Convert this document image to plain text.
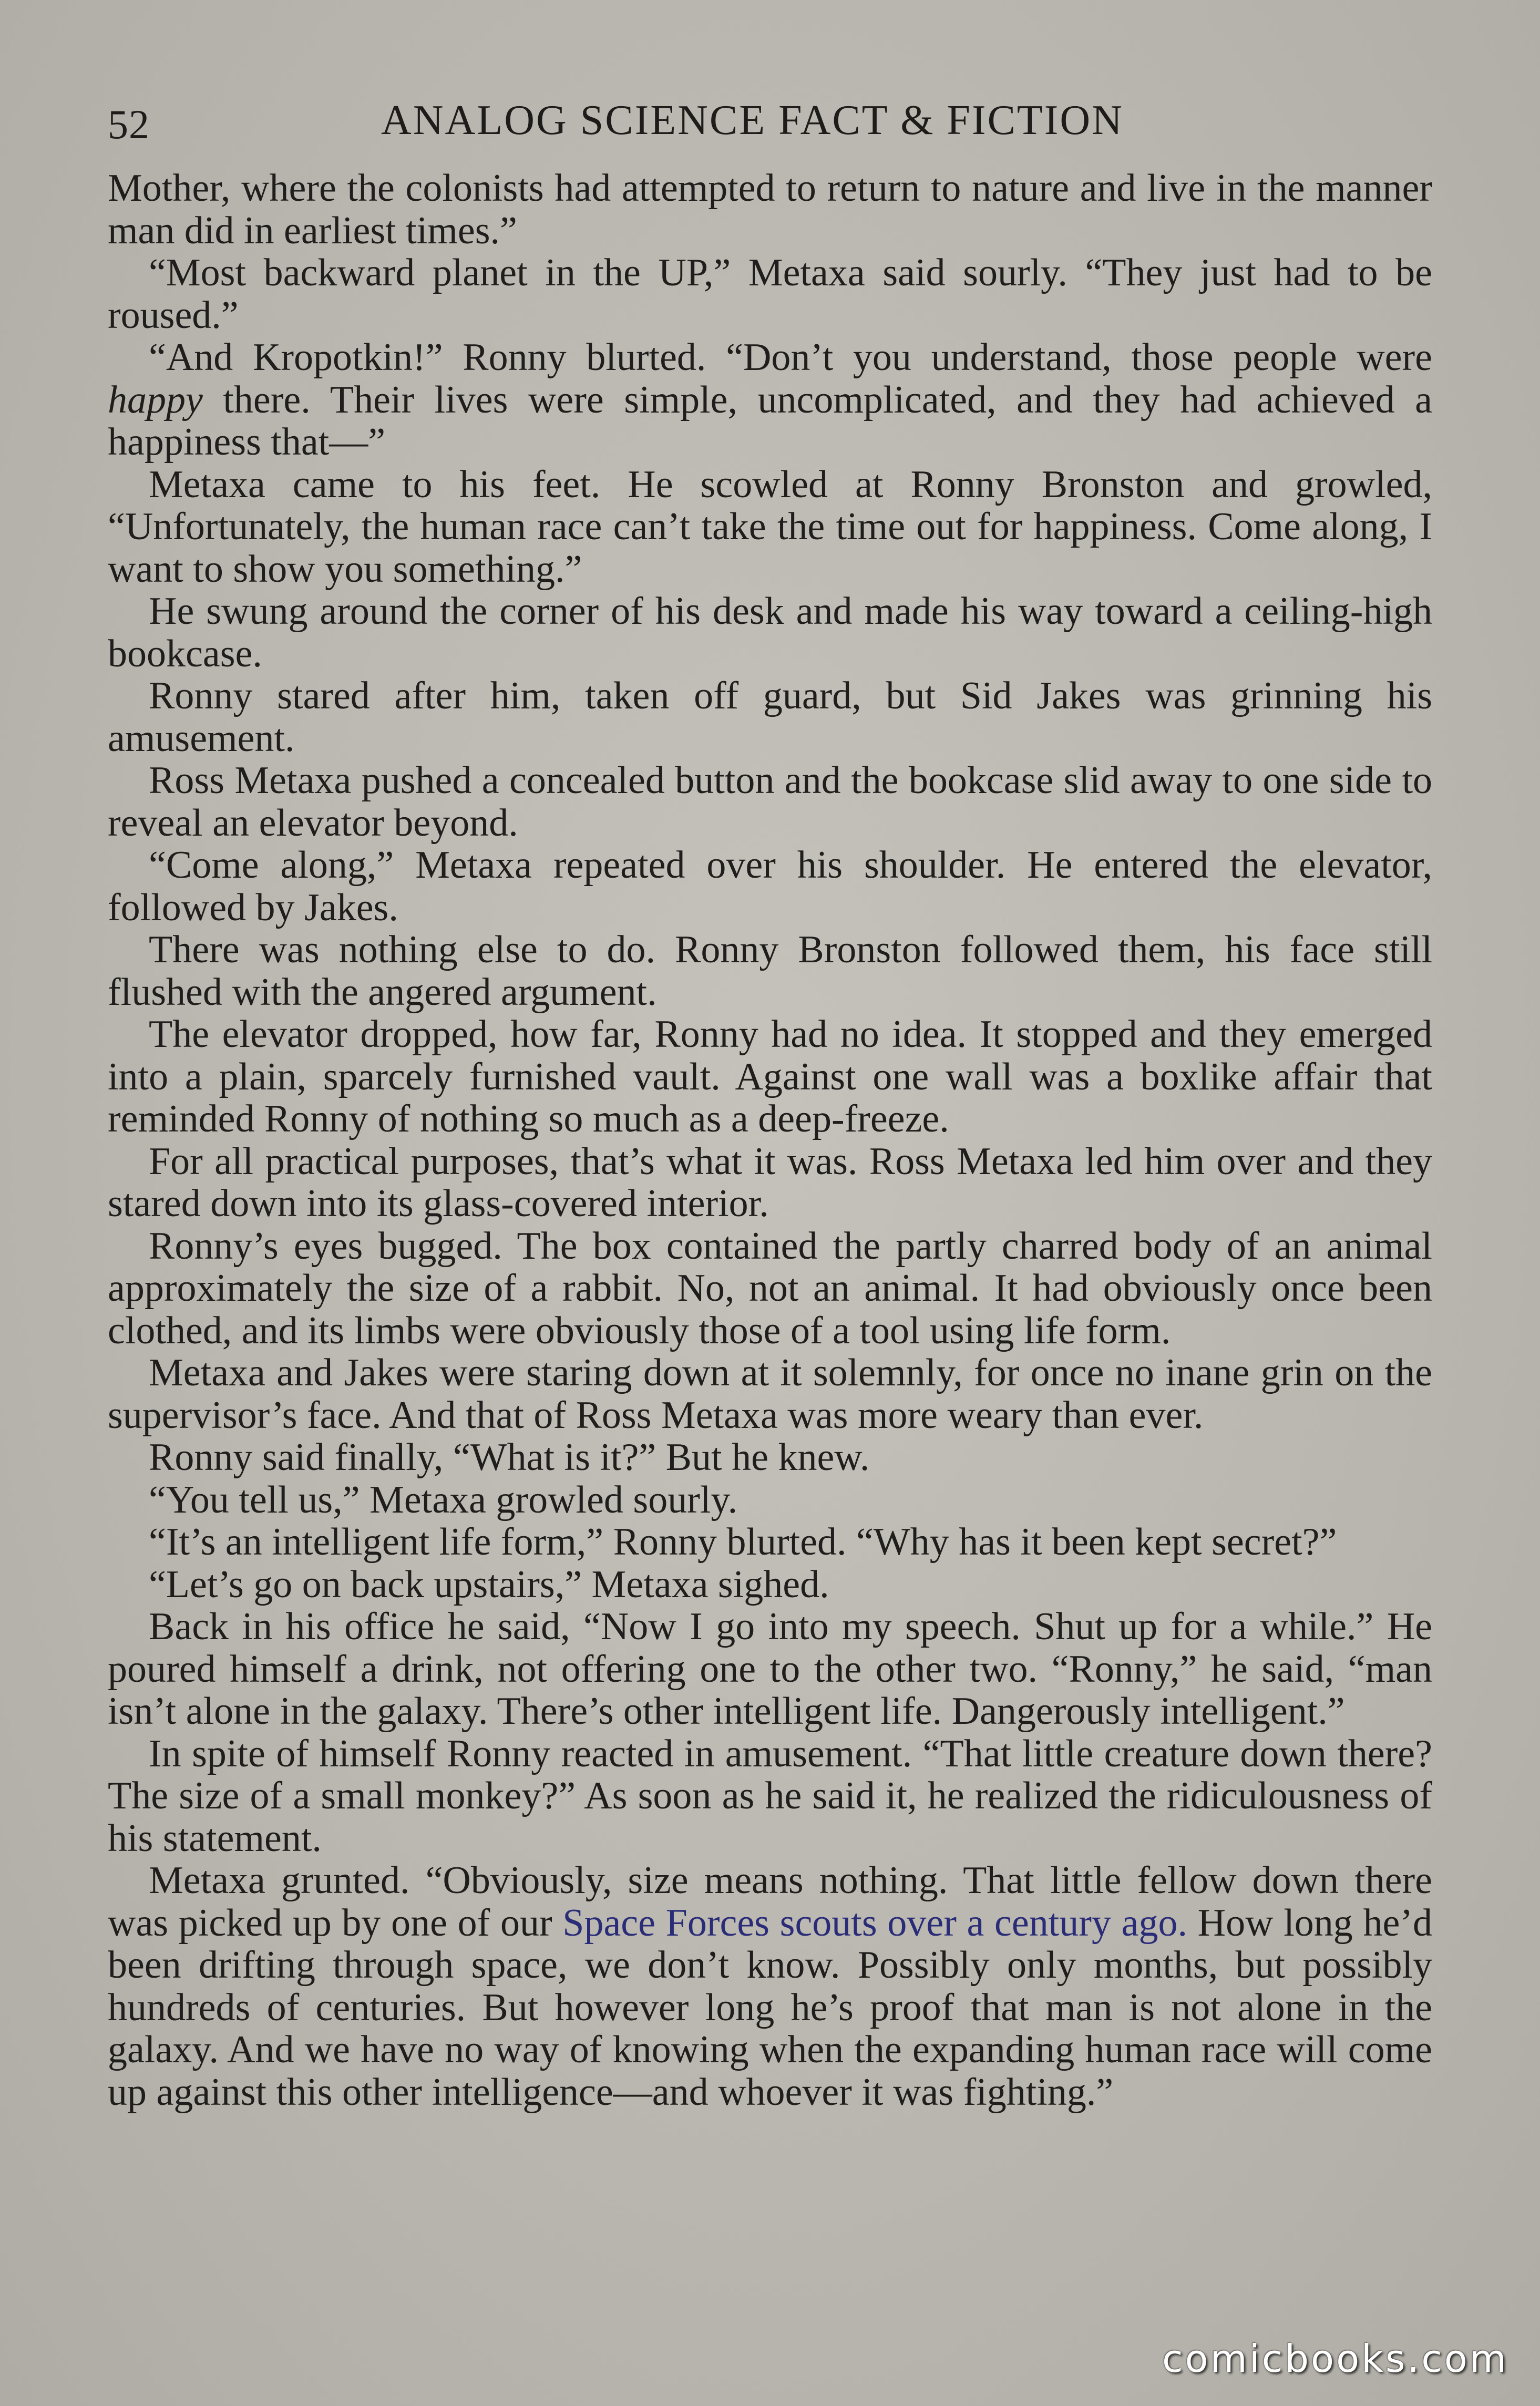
52	ANALOG SCIENCE FACT & FICTION

Mother, where the colonists had attempted to return to nature and live in the manner man did in earliest times.”

“Most backward planet in the UP,” Metaxa said sourly. “They just had to be roused.”

“And Kropotkin!” Ronny blurted. “Don’t you understand, those people were happy there. Their lives were simple, uncomplicated, and they had achieved a happiness that—”

Metaxa came to his feet. He scowled at Ronny Bronston and growled, “Unfortunately, the human race can’t take the time out for happiness. Come along, I want to show you something.”

He swung around the corner of his desk and made his way toward a ceiling-high bookcase.

Ronny stared after him, taken off guard, but Sid Jakes was grinning his amusement.

Ross Metaxa pushed a concealed button and the bookcase slid away to one side to reveal an elevator beyond.

“Come along,” Metaxa repeated over his shoulder. He entered the elevator, followed by Jakes.

There was nothing else to do. Ronny Bronston followed them, his face still flushed with the angered argument.

The elevator dropped, how far, Ronny had no idea. It stopped and they emerged into a plain, sparcely furnished vault. Against one wall was a boxlike affair that reminded Ronny of nothing so much as a deep-freeze.

For all practical purposes, that’s what it was. Ross Metaxa led him over and they stared down into its glass-covered interior.

Ronny’s eyes bugged. The box contained the partly charred body of an animal approximately the size of a rabbit. No, not an animal. It had obviously once been clothed, and its limbs were obviously those of a tool using life form.

Metaxa and Jakes were staring down at it solemnly, for once no inane grin on the supervisor’s face. And that of Ross Metaxa was more weary than ever.

Ronny said finally, “What is it?” But he knew.

“You tell us,” Metaxa growled sourly.

“It’s an intelligent life form,” Ronny blurted. “Why has it been kept secret?”

“Let’s go on back upstairs,” Metaxa sighed.

Back in his office he said, “Now I go into my speech. Shut up for a while.” He poured himself a drink, not offering one to the other two. “Ronny,” he said, “man isn’t alone in the galaxy. There’s other intelligent life. Dangerously intelligent.”

In spite of himself Ronny reacted in amusement. “That little creature down there? The size of a small monkey?” As soon as he said it, he realized the ridiculousness of his statement.

Metaxa grunted. “Obviously, size means nothing. That little fellow down there was picked up by one of our Space Forces scouts over a century ago. How long he’d been drifting through space, we don’t know. Possibly only months, but possibly hundreds of centuries. But however long he’s proof that man is not alone in the galaxy. And we have no way of knowing when the expanding human race will come up against this other intelligence—and whoever it was fighting.”

comicbooks.com
